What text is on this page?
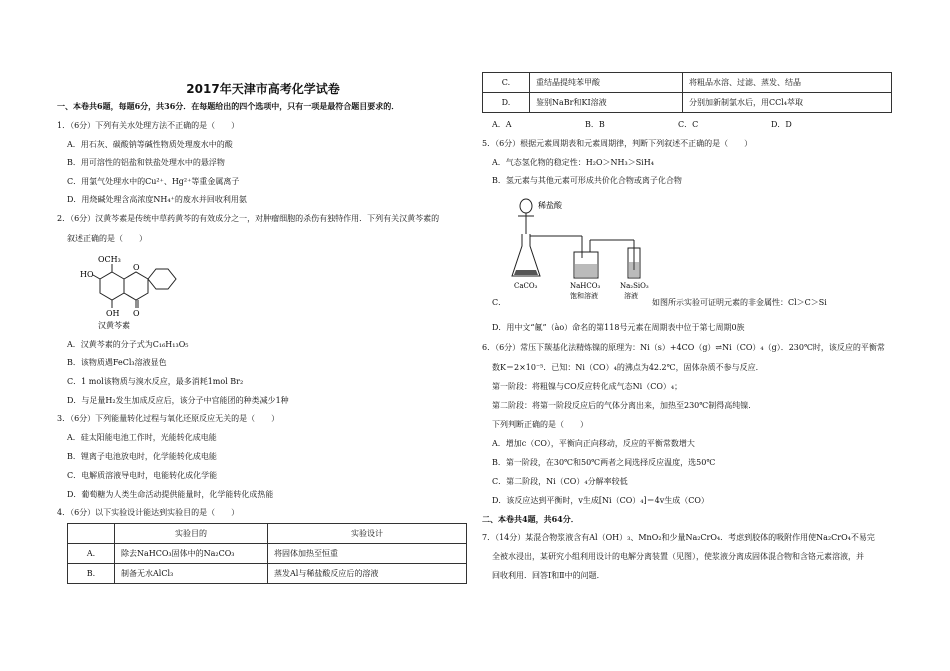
2017年天津市高考化学试卷
一、本卷共6题，每题6分，共36分．在每题给出的四个选项中，只有一项是最符合题目要求的．
1．（6分）下列有关水处理方法不正确的是（　　）
A．用石灰、碳酸钠等碱性物质处理废水中的酸
B．用可溶性的铝盐和铁盐处理水中的悬浮物
C．用氯气处理水中的Cu²⁺、Hg²⁺等重金属离子
D．用烧碱处理含高浓度NH₄⁺的废水并回收利用氨
2．（6分）汉黄芩素是传统中草药黄芩的有效成分之一，对肿瘤细胞的杀伤有独特作用．下列有关汉黄芩素的
叙述正确的是（　　）
OCH₃
HO
OH
O
O
汉黄芩素
A．汉黄芩素的分子式为C₁₆H₁₃O₅
B．该物质遇FeCl₃溶液显色
C．1 mol该物质与溴水反应，最多消耗1mol Br₂
D．与足量H₂发生加成反应后，该分子中官能团的种类减少1种
3．（6分）下列能量转化过程与氧化还原反应无关的是（　　）
A．硅太阳能电池工作时，光能转化成电能
B．锂离子电池放电时，化学能转化成电能
C．电解质溶液导电时，电能转化成化学能
D．葡萄糖为人类生命活动提供能量时，化学能转化成热能
4．（6分）以下实验设计能达到实验目的是（　　）
	实验目的	实验设计
A.	除去NaHCO₃固体中的Na₂CO₃	将固体加热至恒重
B.	制备无水AlCl₃	蒸发Al与稀盐酸反应后的溶液
C.	重结晶提纯苯甲酸	将粗品水溶、过滤、蒸发、结晶
D.	鉴别NaBr和KI溶液	分别加新制氯水后，用CCl₄萃取
A．A	B．B	C．C	D．D
5．（6分）根据元素周期表和元素周期律，判断下列叙述不正确的是（　　）
A．气态氢化物的稳定性：H₂O＞NH₃＞SiH₄
B．氢元素与其他元素可形成共价化合物或离子化合物
稀盐酸
CaCO₃	NaHCO₃
饱和溶液
Na₂SiO₃
溶液
C．	如图所示实验可证明元素的非金属性：Cl＞C＞Si
D．用中文“鿫”（ào）命名的第118号元素在周期表中位于第七周期0族
6．（6分）常压下羰基化法精炼镍的原理为：Ni（s）+4CO（g）⇌Ni（CO）₄（g）．230℃时，该反应的平衡常
数K＝2×10⁻⁵．已知：Ni（CO）₄的沸点为42.2℃，固体杂质不参与反应．
第一阶段：将粗镍与CO反应转化成气态Ni（CO）₄；
第二阶段：将第一阶段反应后的气体分离出来，加热至230℃制得高纯镍．
下列判断正确的是（　　）
A．增加c（CO），平衡向正向移动，反应的平衡常数增大
B．第一阶段，在30℃和50℃两者之间选择反应温度，选50℃
C．第二阶段，Ni（CO）₄分解率较低
D．该反应达到平衡时，v生成[Ni（CO）₄]＝4v生成（CO）
二、本卷共4题，共64分．
7．（14分）某混合物浆液含有Al（OH）₃、MnO₂和少量Na₂CrO₄．考虑到胶体的吸附作用使Na₂CrO₄不易完
全被水浸出，某研究小组利用设计的电解分离装置（见图），使浆液分离成固体混合物和含铬元素溶液，并
回收利用．回答Ⅰ和Ⅱ中的问题．
